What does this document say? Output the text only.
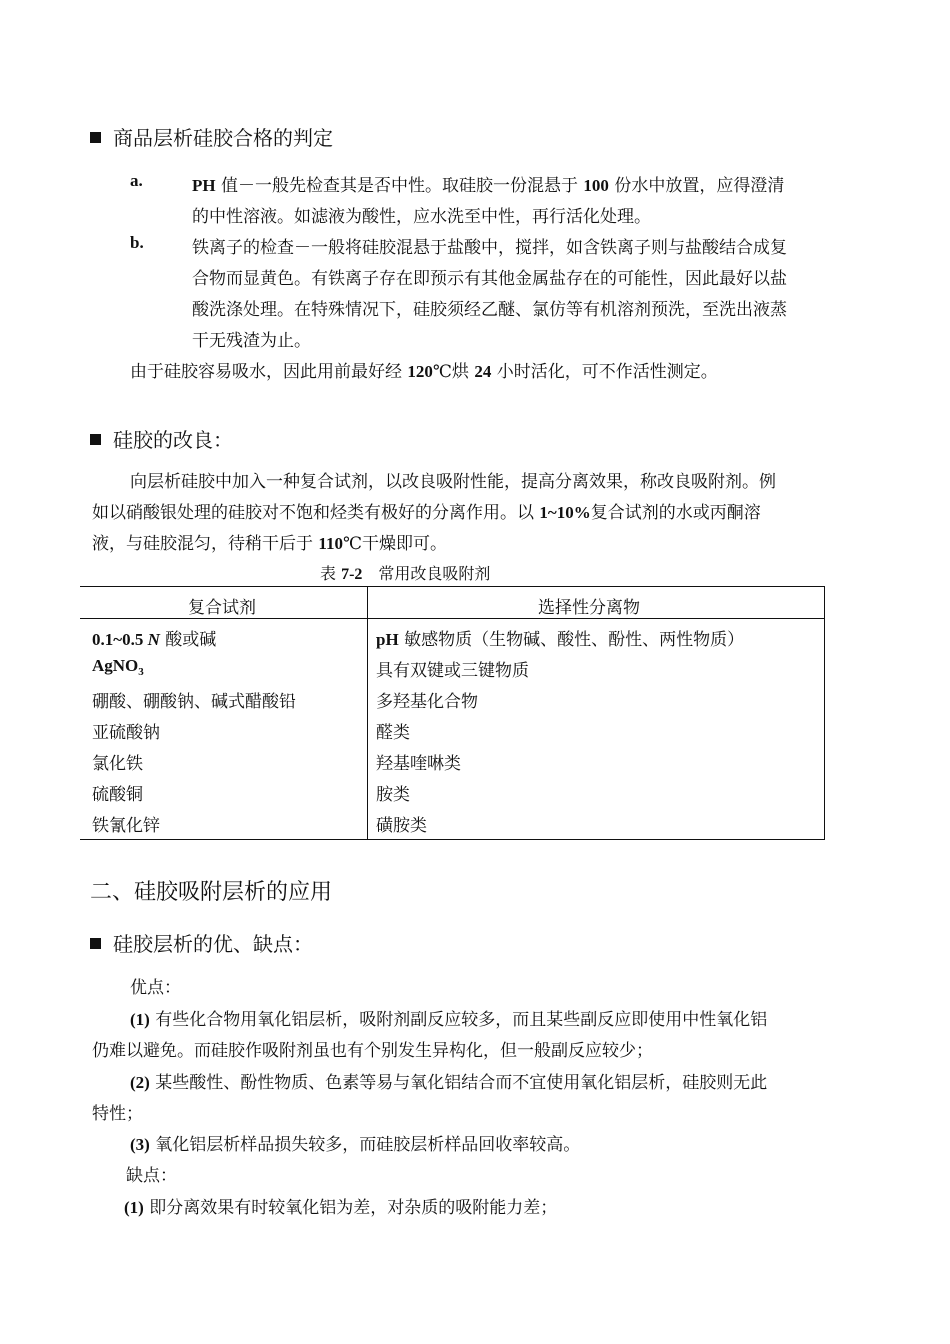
商品层析硅胶合格的判定
a.	PH 值－一般先检查其是否中性。取硅胶一份混悬于 100 份水中放置，应得澄清
的中性溶液。如滤液为酸性，应水洗至中性，再行活化处理。
b.	铁离子的检查－一般将硅胶混悬于盐酸中，搅拌，如含铁离子则与盐酸结合成复
合物而显黄色。有铁离子存在即预示有其他金属盐存在的可能性，因此最好以盐
酸洗涤处理。在特殊情况下，硅胶须经乙醚、氯仿等有机溶剂预洗，至洗出液蒸
干无残渣为止。
由于硅胶容易吸水，因此用前最好经 120℃烘 24 小时活化，可不作活性测定。
硅胶的改良：
向层析硅胶中加入一种复合试剂，以改良吸附性能，提高分离效果，称改良吸附剂。例
如以硝酸银处理的硅胶对不饱和烃类有极好的分离作用。以 1~10%复合试剂的水或丙酮溶
液，与硅胶混匀，待稍干后于 110℃干燥即可。
表 7-2 常用改良吸附剂
复合试剂	选择性分离物
0.1~0.5 N 酸或碱	pH 敏感物质（生物碱、酸性、酚性、两性物质）
AgNO$_3$	具有双键或三键物质
硼酸、硼酸钠、碱式醋酸铅	多羟基化合物
亚硫酸钠	醛类
氯化铁	羟基喹啉类
硫酸铜	胺类
铁氰化锌	磺胺类
二、硅胶吸附层析的应用
硅胶层析的优、缺点：
优点：
(1) 有些化合物用氧化铝层析，吸附剂副反应较多，而且某些副反应即使用中性氧化铝
仍难以避免。而硅胶作吸附剂虽也有个别发生异构化，但一般副反应较少；
(2) 某些酸性、酚性物质、色素等易与氧化铝结合而不宜使用氧化铝层析，硅胶则无此
特性；
(3) 氧化铝层析样品损失较多，而硅胶层析样品回收率较高。
缺点：
(1) 即分离效果有时较氧化铝为差，对杂质的吸附能力差；
